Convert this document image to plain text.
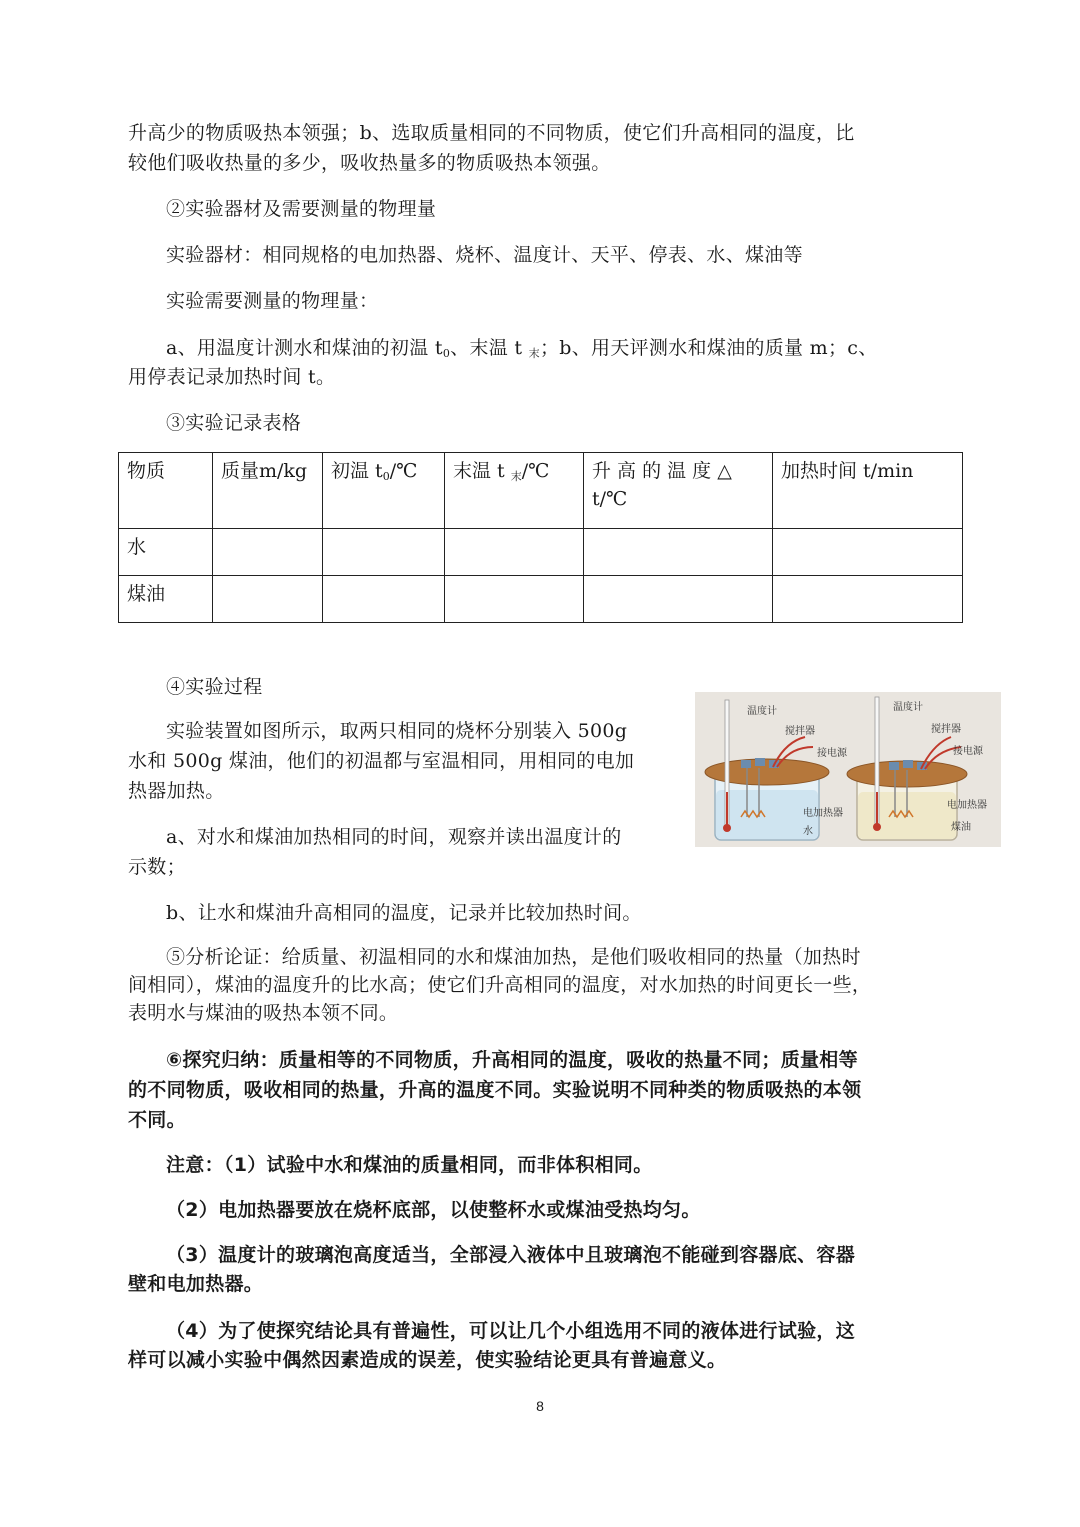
升高少的物质吸热本领强；b、选取质量相同的不同物质，使它们升高相同的温度，比

较他们吸收热量的多少，吸收热量多的物质吸热本领强。

②实验器材及需要测量的物理量

实验器材：相同规格的电加热器、烧杯、温度计、天平、停表、水、煤油等

实验需要测量的物理量：

a、用温度计测水和煤油的初温 $t_0$、末温 t $_末$；b、用天评测水和煤油的质量 m；c、

用停表记录加热时间 t。

③实验记录表格

物质	质量m/kg	初温 $t_0/℃$	末温 t $_末$/℃	升 高 的 温 度 △
t/℃	加热时间 t/min
水					
煤油					

④实验过程

实验装置如图所示，取两只相同的烧杯分别装入 500g

水和 500g 煤油，他们的初温都与室温相同，用相同的电加

热器加热。

a、对水和煤油加热相同的时间，观察并读出温度计的

示数；

b、让水和煤油升高相同的温度，记录并比较加热时间。

温度计
搅拌器
接电源
电加热器
水
温度计
搅拌器
接电源
电加热器
煤油

⑤分析论证：给质量、初温相同的水和煤油加热，是他们吸收相同的热量（加热时

间相同），煤油的温度升的比水高；使它们升高相同的温度，对水加热的时间更长一些，

表明水与煤油的吸热本领不同。

⑥探究归纳：质量相等的不同物质，升高相同的温度，吸收的热量不同；质量相等

的不同物质，吸收相同的热量，升高的温度不同。实验说明不同种类的物质吸热的本领

不同。

注意：（1）试验中水和煤油的质量相同，而非体积相同。

（2）电加热器要放在烧杯底部，以使整杯水或煤油受热均匀。

（3）温度计的玻璃泡高度适当，全部浸入液体中且玻璃泡不能碰到容器底、容器

壁和电加热器。

（4）为了使探究结论具有普遍性，可以让几个小组选用不同的液体进行试验，这

样可以减小实验中偶然因素造成的误差，使实验结论更具有普遍意义。

8
